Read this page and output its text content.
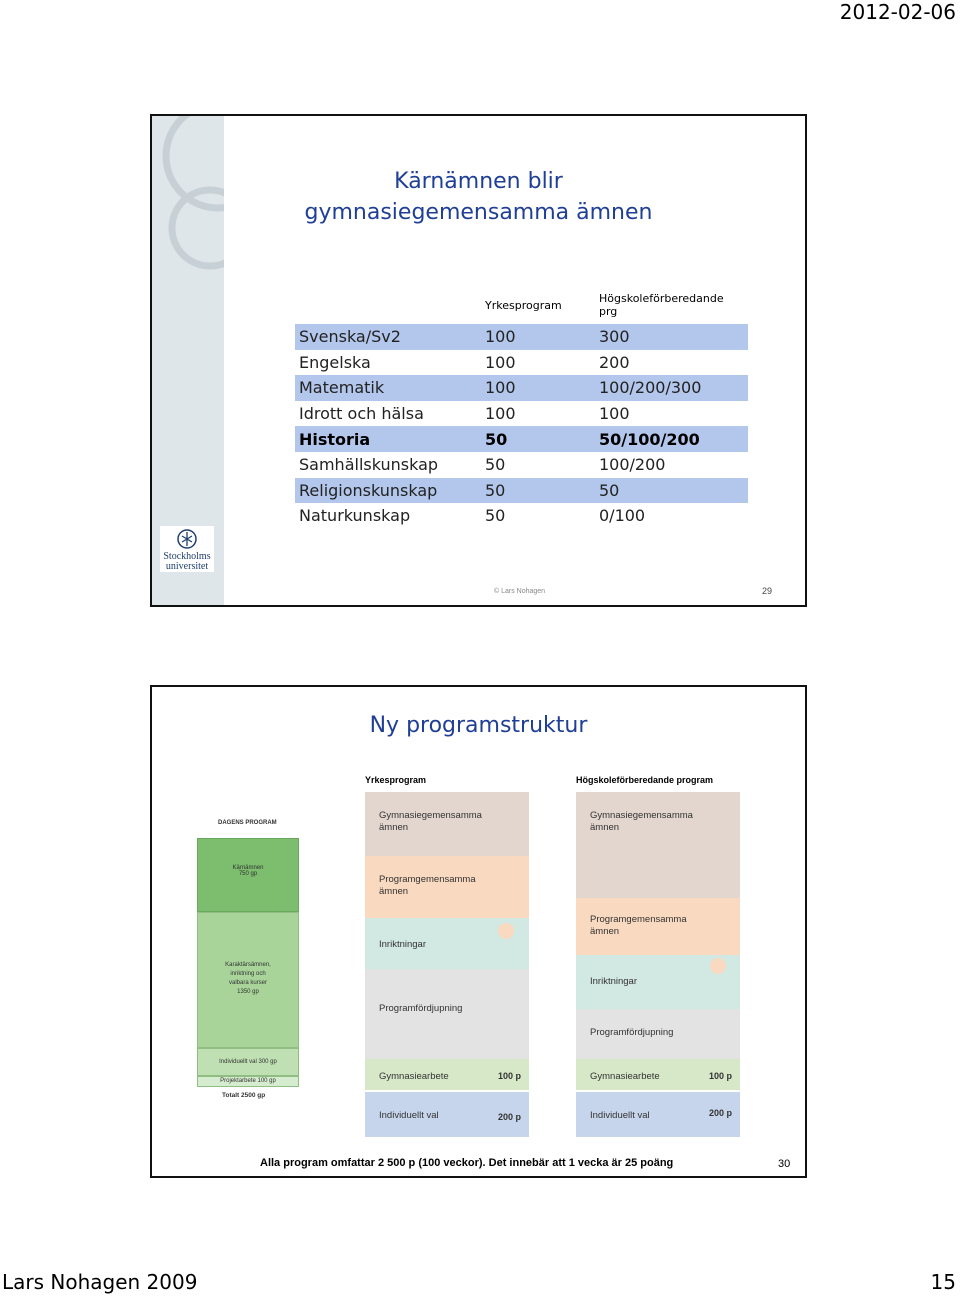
2012-02-06
Kärnämnen blir
gymnasiegemensamma ämnen
	Yrkesprogram	Högskoleförberedande prg
Svenska/Sv2	100	300
Engelska	100	200
Matematik	100	100/200/300
Idrott och hälsa	100	100
Historia	50	50/100/200
Samhällskunskap	50	100/200
Religionskunskap	50	50
Naturkunskap	50	0/100
Stockholms
universitet
© Lars Nohagen	29
Ny programstruktur
Yrkesprogram	Högskoleförberedande program
DAGENS PROGRAM
Kärnämnen
750 gp
Karaktärsämnen,
inriktning och
valbara kurser
1350 gp
Individuellt val 300 gp
Projektarbete 100 gp
Totalt 2500 gp
Gymnasiegemensamma
ämnen
Programgemensamma
ämnen
Inriktningar
Programfördjupning
Gymnasiearbete	100 p
Individuellt val	200 p
Gymnasiegemensamma
ämnen
Programgemensamma
ämnen
Inriktningar
Programfördjupning
Gymnasiearbete	100 p
Individuellt val	200 p
Alla program omfattar 2 500 p (100 veckor). Det innebär att 1 vecka är 25 poäng	30
Lars Nohagen 2009	15
